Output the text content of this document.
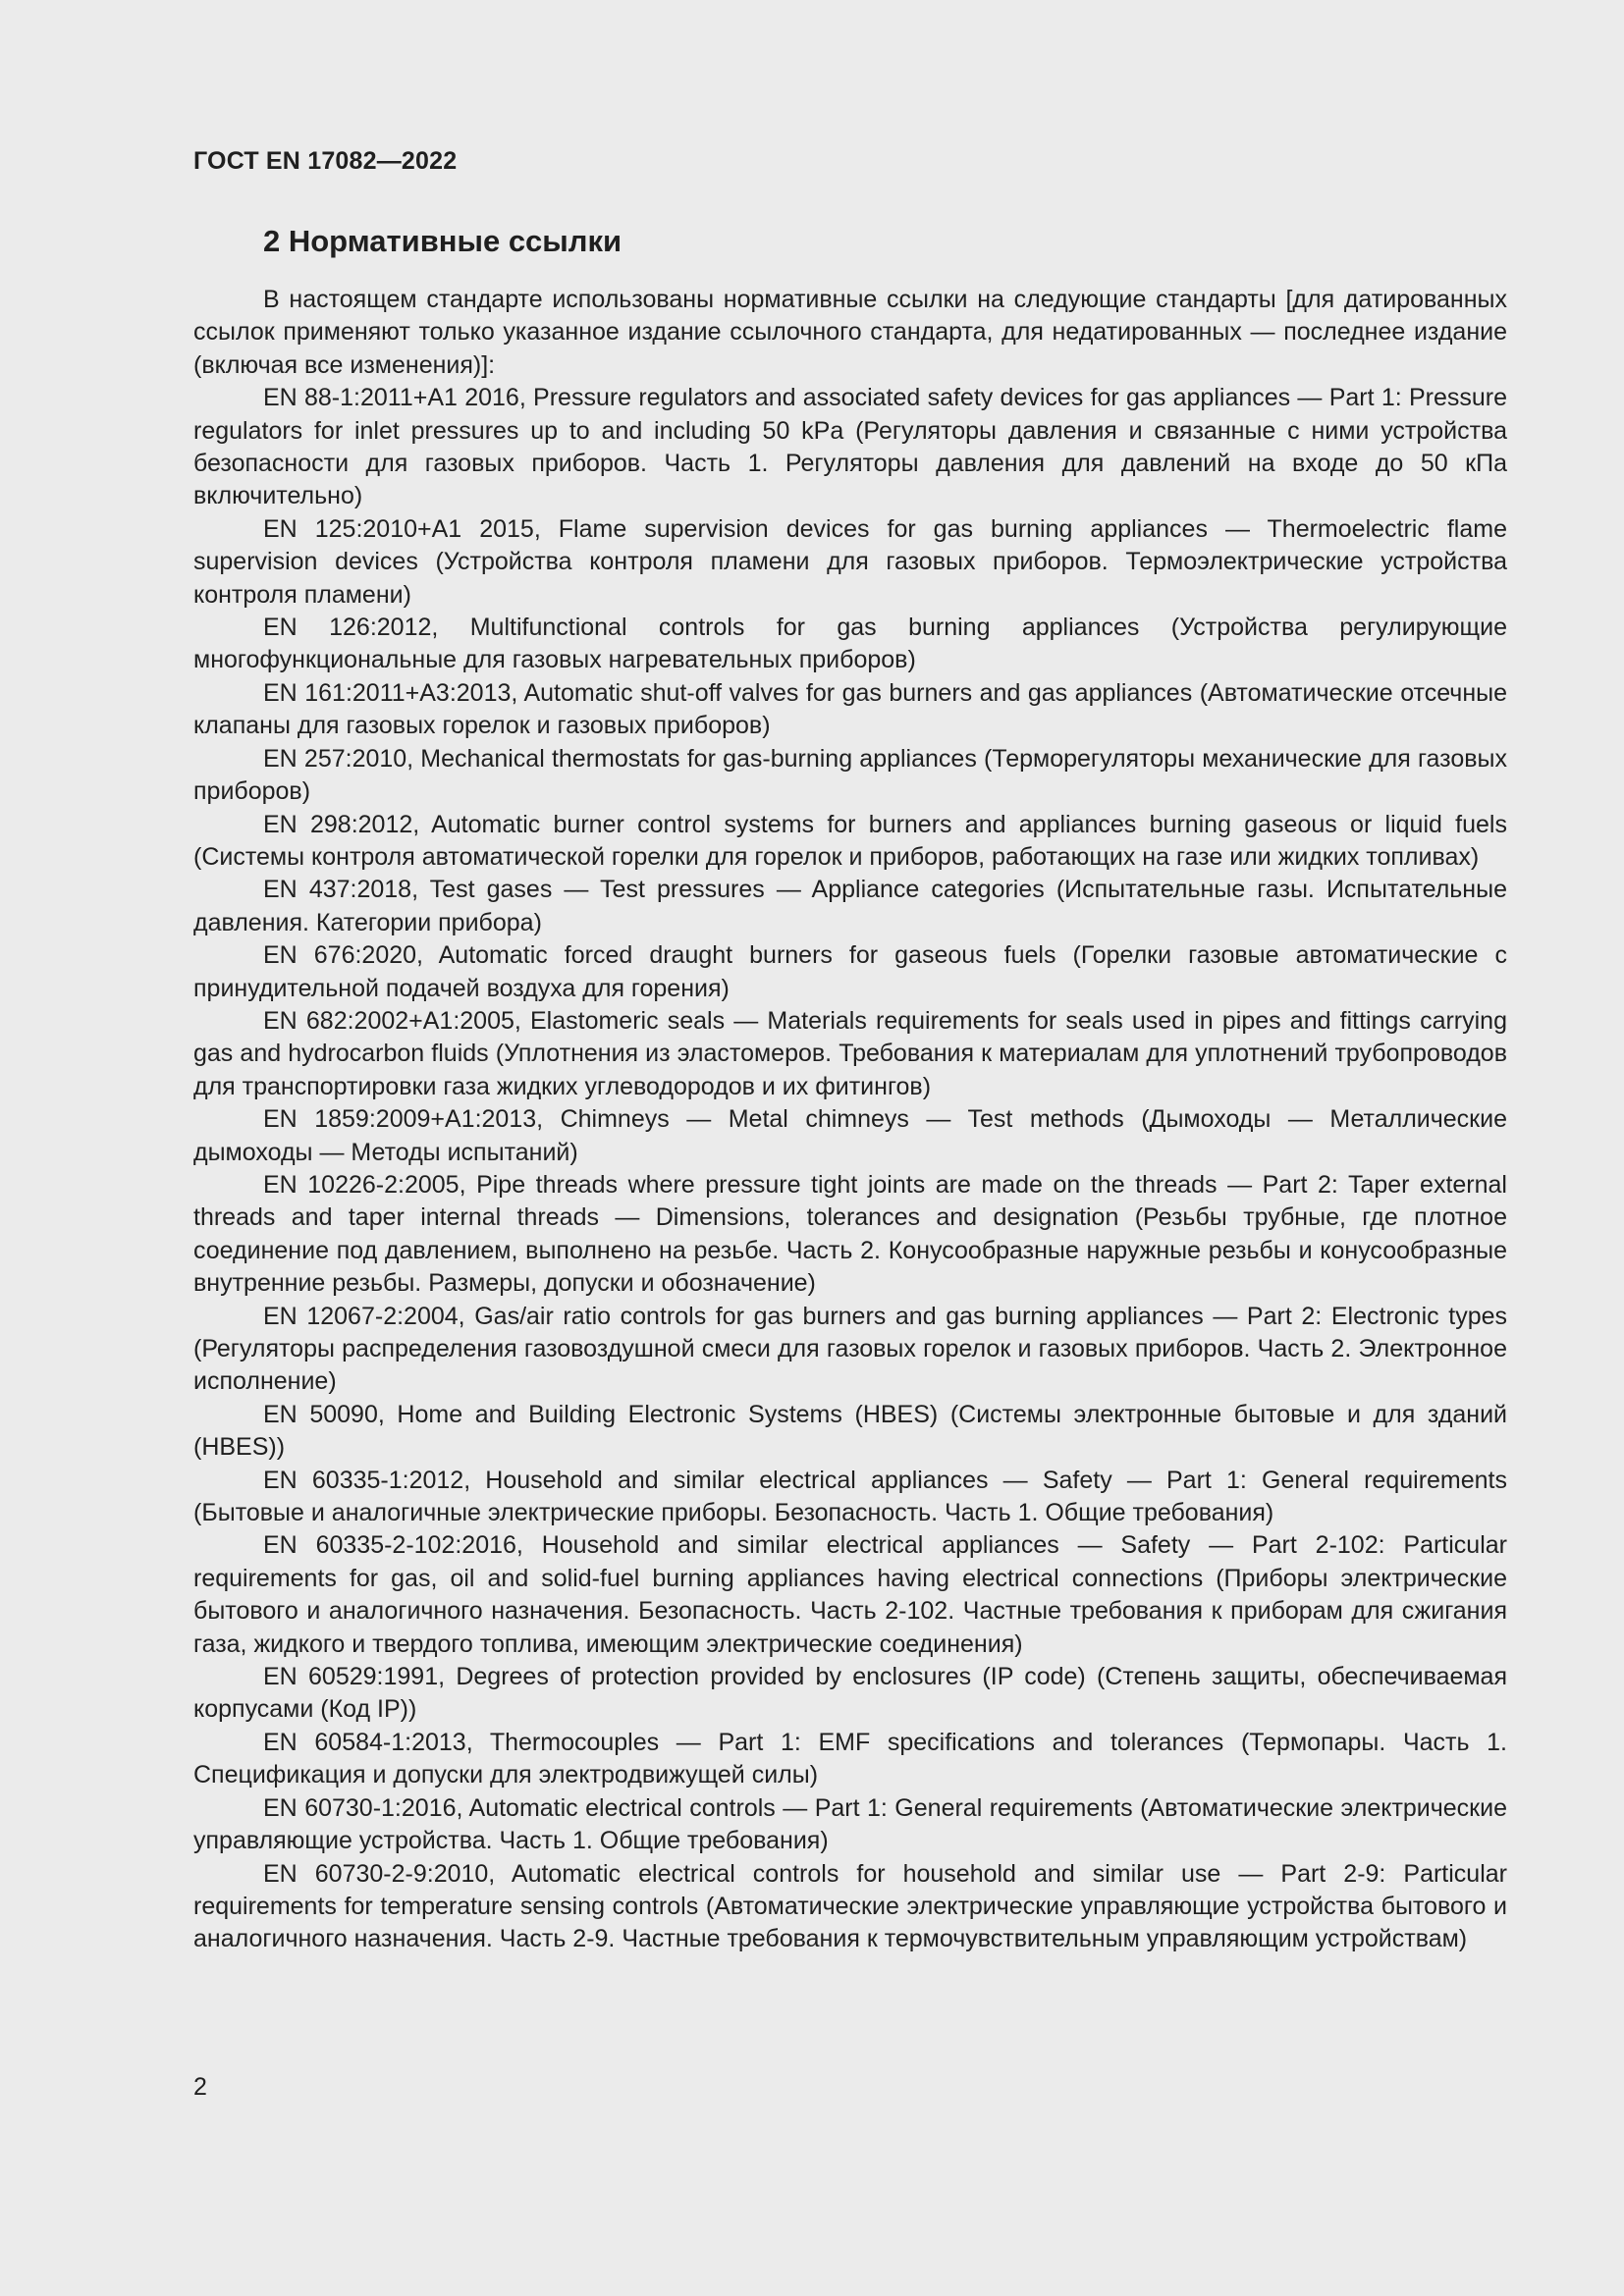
ГОСТ EN 17082—2022
2 Нормативные ссылки

В настоящем стандарте использованы нормативные ссылки на следующие стандарты [для датированных ссылок применяют только указанное издание ссылочного стандарта, для недатированных — последнее издание (включая все изменения)]:

EN 88-1:2011+A1 2016, Pressure regulators and associated safety devices for gas appliances — Part 1: Pressure regulators for inlet pressures up to and including 50 kPa (Регуляторы давления и связанные с ними устройства безопасности для газовых приборов. Часть 1. Регуляторы давления для давлений на входе до 50 кПа включительно)

EN 125:2010+A1 2015, Flame supervision devices for gas burning appliances — Thermoelectric flame supervision devices (Устройства контроля пламени для газовых приборов. Термоэлектрические устройства контроля пламени)

EN 126:2012, Multifunctional controls for gas burning appliances (Устройства регулирующие многофункциональные для газовых нагревательных приборов)

EN 161:2011+A3:2013, Automatic shut-off valves for gas burners and gas appliances (Автоматические отсечные клапаны для газовых горелок и газовых приборов)

EN 257:2010, Mechanical thermostats for gas-burning appliances (Терморегуляторы механические для газовых приборов)

EN 298:2012, Automatic burner control systems for burners and appliances burning gaseous or liquid fuels (Системы контроля автоматической горелки для горелок и приборов, работающих на газе или жидких топливах)

EN 437:2018, Test gases — Test pressures — Appliance categories (Испытательные газы. Испытательные давления. Категории прибора)

EN 676:2020, Automatic forced draught burners for gaseous fuels (Горелки газовые автоматические с принудительной подачей воздуха для горения)

EN 682:2002+A1:2005, Elastomeric seals — Materials requirements for seals used in pipes and fittings carrying gas and hydrocarbon fluids (Уплотнения из эластомеров. Требования к материалам для уплотнений трубопроводов для транспортировки газа жидких углеводородов и их фитингов)

EN 1859:2009+A1:2013, Chimneys — Metal chimneys — Test methods (Дымоходы — Металлические дымоходы — Методы испытаний)

EN 10226-2:2005, Pipe threads where pressure tight joints are made on the threads — Part 2: Taper external threads and taper internal threads — Dimensions, tolerances and designation (Резьбы трубные, где плотное соединение под давлением, выполнено на резьбе. Часть 2. Конусообразные наружные резьбы и конусообразные внутренние резьбы. Размеры, допуски и обозначение)

EN 12067-2:2004, Gas/air ratio controls for gas burners and gas burning appliances — Part 2: Electronic types (Регуляторы распределения газовоздушной смеси для газовых горелок и газовых приборов. Часть 2. Электронное исполнение)

EN 50090, Home and Building Electronic Systems (HBES) (Системы электронные бытовые и для зданий (HBES))

EN 60335-1:2012, Household and similar electrical appliances — Safety — Part 1: General requirements (Бытовые и аналогичные электрические приборы. Безопасность. Часть 1. Общие требования)

EN 60335-2-102:2016, Household and similar electrical appliances — Safety — Part 2-102: Particular requirements for gas, oil and solid-fuel burning appliances having electrical connections (Приборы электрические бытового и аналогичного назначения. Безопасность. Часть 2-102. Частные требования к приборам для сжигания газа, жидкого и твердого топлива, имеющим электрические соединения)

EN 60529:1991, Degrees of protection provided by enclosures (IP code) (Степень защиты, обеспечиваемая корпусами (Код IP))

EN 60584-1:2013, Thermocouples — Part 1: EMF specifications and tolerances (Термопары. Часть 1. Спецификация и допуски для электродвижущей силы)

EN 60730-1:2016, Automatic electrical controls — Part 1: General requirements (Автоматические электрические управляющие устройства. Часть 1. Общие требования)

EN 60730-2-9:2010, Automatic electrical controls for household and similar use — Part 2-9: Particular requirements for temperature sensing controls (Автоматические электрические управляющие устройства бытового и аналогичного назначения. Часть 2-9. Частные требования к термочувствительным управляющим устройствам)

2
